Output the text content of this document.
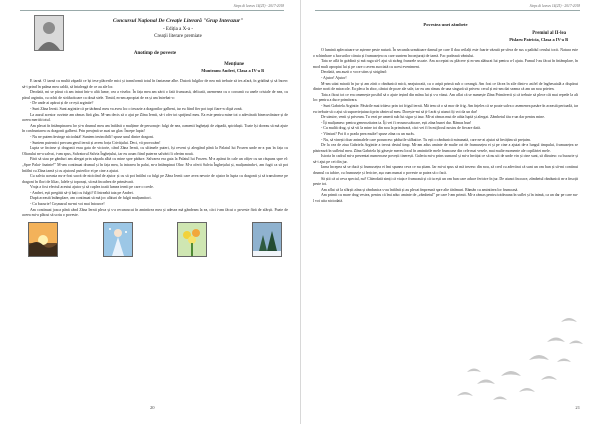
Steps di leaves 14(25) - 2017-2018
Concursul Național De Creație Literară "Grup Interazur"
- Ediția a X-a -
Creații literare premiate
Anotimp de poveste
Mențiune
Munteanu Andrei, Clasa a IV-a B

E iarnă. O iarnă cu multă zăpadă ce își iese plăcerile mici și transformă totul în fantasme albe. Datoră fulgilor de nea mă trebuie să ies afară, în grădină și să încerc să-i prind în palma mea caldă, să întaleagă de ce au ale lor.

Deodată, mi se părut că am intrat într-o altă lume, cea a viselor. În fața mea am zărit o fată frumoasă, delicată, asemenea cu o coroană cu unele cristale de nea, cu părul argintiu, cu ochii de strălucitoare ca două stele. Timid, m-am apropiat de ea și am întrebat-o:

- De unde ai apărut și de ce ești argintie?

- Sunt Zâna Iernii. Sunt argintie că pe tărâmul meu va avea loc o invazie a dragonilor galbeni, iar eu fiind fier pot topi fiare-n clipă zonă.

La auzul acestor cuvinte am rămas fără glas. M-am decis să o ajut pe Zâna Iernii, să-i ofer tot sprijinul meu. Ea este pentru mine tot o adevărată binecuvântare și de aceea merită totul.

Am plecat în întâmpinarea lor și-n drumul meu am întâlnit o mulțime de personaje: fulgi de nea, oamenii înghețați de zăpadă, spiridușii. Toate își doreau să mă ajute în confruntarea cu dragonii galbeni. Prin preajmă se auzi un glas: Începe lupta!

- Nu ne putem învinge niciodată! Suntem invincibili! spuse unul dintre dragoni.

- Suntem puternici precum gerul iernii și avem forța Crivățului. Deci, vă provocăm!

Lupta se încinse și dragonii erau gata de victorie, când Zâna Iernii, cu ultimele puteri, își reveni și alergând până la Palatul lui Frozen unde m-a pus în fața cu Oltarului ne-a salvat, i-am spus, Salvatorul Salvia Înghețului, iar eu acum fiind puterea salvării îi oferim nouă.

Fără să stau pe gânduri am alergat prin zăpada albă cu mine spre pădure. Salvarea era gata la Palatul lui Frozen. M-a apărut în cale un ofițer cu un răspuns spre el: „Spre Palat- înainte!” M-am continuat drumul și în fața mea, la intrarea în palat, m-a întâmpinat Olav. M-a oferit Salvia Înghețului și, mulțumindu-i, am fugit ca să pot întâlni cu Zâna iarnă și cu ajutorul puterilor ei pe cine a ajutat.

Cu salvia aceasta nu-a-fost sacră de nicicând de ajutor și cu să pot întâlni cu fulgi pe Zâna Iernii care avea nevoie de ajutor în lupta cu dragonii și să transforme pe dragoni în flori de liliac, lalele și toporași, să mă încadrez de primăvară.

Vraja a fost efectul acestui ajutor și să cuplez toată lumea iernii pe care o crede.

- Andrei, ești pregătit să-ți bați cu fulgii? îl întreabă tata pe Andrei.

După această întâmplare, am continuat să mă joc alături de fulgii mulțumitori.

- Cu bucurie! Coșmarul nu-mi voi mai întoarce!

Am continuat joaca până când Zâna Iernii pleca și s-a recunoscut în amintirea mea și adesea mă gândeam la ea, căci i-am făcut o poveste fără de sfârșit. Poate de aceea mi-a plăcut să scriu o poveste.

20
Steps di leaves 14(25) - 2017-2018
Povestea unei zâmbete
Premiul al II-lea
Pîslaru Patricia, Clasa a IV-a B

O lumină aplecatoare se așterne peste natură. În secunda următoare dansul pe care îl dau ceilalți este foarte văzută pe sfera de sus a palidul cerului tocit. Natura este o schimbare a lucrurilor căruia și frumusețea cu care suntem înconjurați de iarnă. Fac podeauă vântului.

Tata se află în grădină și mă ruga să-l ajut să strâng frunzele uscate. Am acceptat cu plăcere și m-am alăturat lui pentru a-l ajuta. Fumul l-au făcut în întâmplare, în mod mult apropiat lui și pe care o avem asociată cu acest eveniment.

Deodată, am auzit o voce stins și strigând:

- Ajutor! Ajutor!

M-am uitat mirată în jur și am zărit o rândunică mică, neajutorată, cu o aripă prinsă sub o creangă. Am fost ce făcea în zile dintr-o astfel de înghesuială a dispărut dintre norii de miracole. Ea pleca în zbor, cântat de poze ale sale, iar eu am rămas de una singură să privesc cerul și mi-am dat seama că am un nou prieten.

Tata a făcut tot ce era omenește posibil să o ajute ieșind din mâna lui și s-a văzut. Am aflat că se numește Zâna Primăverii și că trebuie să plece cât mai repede la alt loc pentru a duce primăvara.

- Sunt Gabriela Argintie. Păsările mai trăiesc prin tot frigul iernii. Mă tem că o să mor de frig. Am înțeles că se poate salva o asemenea pasăre în această perioadă, iar eu trebuie să o ajut să supraviețuiască prin cântecul meu. Dorește-mi să ți-l arăt și atunci îți voi da un dar!

De uimire, venii și priveam. Tu vezi pe umerii sub lut sigur și iaur. Mi-ai rămas mut de atâta luptă și alergat. Zâmbetul tău e un dar pentru mine.

- Îți mulțumesc pentru generozitatea ta. Îți vei fi recunoscătoare, ești zâna bunei dar. Rămas bun!

- Cu multă drag, și să vii la mine tot din nou la primăvară, căci vei fi în mijlocul nostru de fiecare dată.

- Vânturi? Pot fi o prada prea multe! spuse zâna cu un surâs.

- Nu, să vinești doar animalele care poruncesc pădurile sălbatice. Tu ești o rândunică minunată, care ne-ai ajutat să învățăm să prețuim.

De la cea de ziua Gabriela Argintie a trecut destul timp. Mi-am adus aminte de multe ori de frumusețea ei și pe cine a ajutat de-a lungul timpului, frumusețea se păstrează în sufletul meu. Zâna Gabriela își găsește mereu locul în amintirile mele frumoase din cele mai vesele, mai multe momente ale copilăriei mele.

Istoria în cadrul mi-a prezentat numeroase povești tinerești. Galeria mi-a prins sumarul și mi-a învățat ce să nu uit de unde vin și cine sunt, să dăruiesc cu bucurie și să-i ajut pe cei din jur.

Iarna începea să se ducă și frumusețea ei îmi spunea ceva ce nu știam. Iar mi-ai spus să mă trezesc din nou, să cred cu adevărat că sunt un om bun și să-mi continui drumul cu iubire, cu frumusețe și fericire, așa cum numai o poveste ar putea să o facă.

Să știi că ai ceva special, nu? Câteodată simți că viața e frumoasă și că tu ești un om bun care aduce fericire în jur. De atunci încoace, zâmbetul rândunicii m-a însoțit peste tot.

Am aflat că la sfârșit zâna și rândunica s-au întâlnit și au plecat împreună spre alte tărâmuri. Rămân cu amintirea lor frumoasă.

Am primit cu mare drag vestea, pentru că îmi aduc aminte de „zâmbetul” pe care l-am primit. Mi-a rămas pentru totdeauna în suflet și în inimă, ca un dar pe care nu-l voi uita niciodată.

21
